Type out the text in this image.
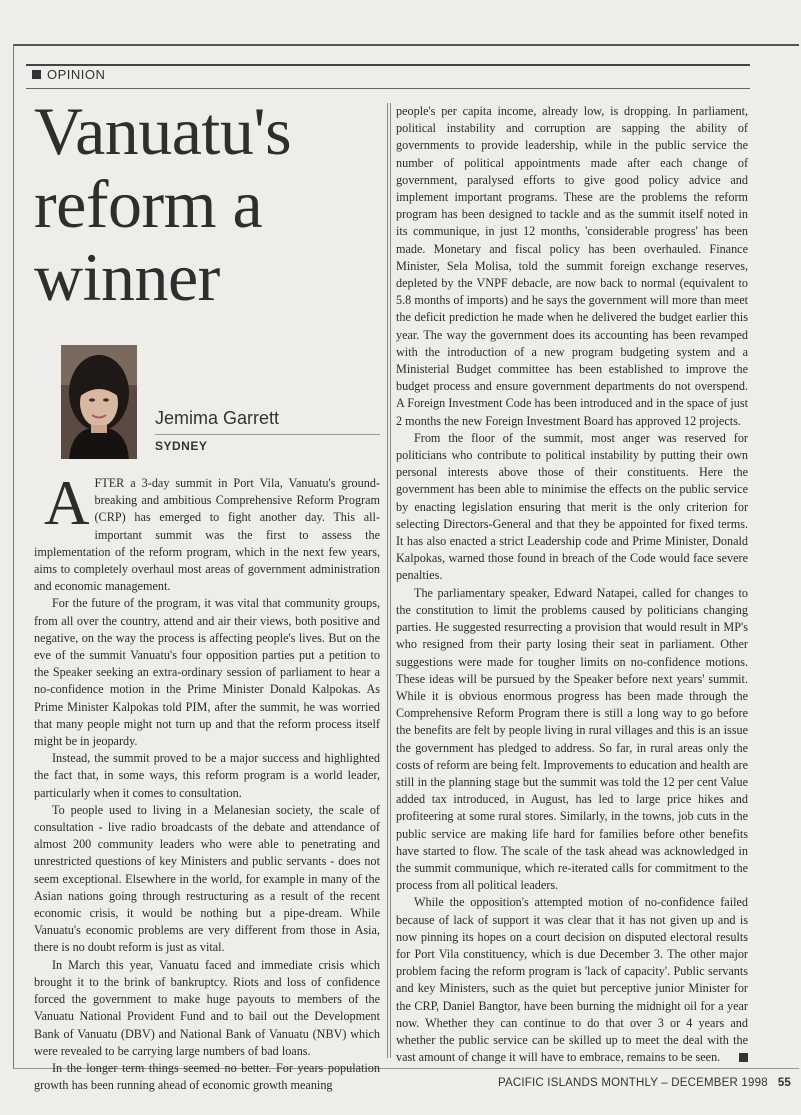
OPINION
Vanuatu's reform a winner
Jemima Garrett
SYDNEY

AFTER a 3-day summit in Port Vila, Vanuatu's ground-breaking and ambitious Comprehensive Reform Program (CRP) has emerged to fight another day. This all-important summit was the first to assess the implementation of the reform program, which in the next few years, aims to completely overhaul most areas of government administration and economic management.

For the future of the program, it was vital that community groups, from all over the country, attend and air their views, both positive and negative, on the way the process is affecting people's lives. But on the eve of the summit Vanuatu's four opposition parties put a petition to the Speaker seeking an extra-ordinary session of parliament to hear a no-confidence motion in the Prime Minister Donald Kalpokas. As Prime Minister Kalpokas told PIM, after the summit, he was worried that many people might not turn up and that the reform process itself might be in jeopardy.

Instead, the summit proved to be a major success and highlighted the fact that, in some ways, this reform program is a world leader, particularly when it comes to consultation.

To people used to living in a Melanesian society, the scale of consultation - live radio broadcasts of the debate and attendance of almost 200 community leaders who were able to penetrating and unrestricted questions of key Ministers and public servants - does not seem exceptional. Elsewhere in the world, for example in many of the Asian nations going through restructuring as a result of the recent economic crisis, it would be nothing but a pipe-dream. While Vanuatu's economic problems are very different from those in Asia, there is no doubt reform is just as vital.

In March this year, Vanuatu faced and immediate crisis which brought it to the brink of bankruptcy. Riots and loss of confidence forced the government to make huge payouts to members of the Vanuatu National Provident Fund and to bail out the Development Bank of Vanuatu (DBV) and National Bank of Vanuatu (NBV) which were revealed to be carrying large numbers of bad loans.

In the longer term things seemed no better. For years population growth has been running ahead of economic growth meaning

people's per capita income, already low, is dropping. In parliament, political instability and corruption are sapping the ability of governments to provide leadership, while in the public service the number of political appointments made after each change of government, paralysed efforts to give good policy advice and implement important programs. These are the problems the reform program has been designed to tackle and as the summit itself noted in its communique, in just 12 months, 'considerable progress' has been made. Monetary and fiscal policy has been overhauled. Finance Minister, Sela Molisa, told the summit foreign exchange reserves, depleted by the VNPF debacle, are now back to normal (equivalent to 5.8 months of imports) and he says the government will more than meet the deficit prediction he made when he delivered the budget earlier this year. The way the government does its accounting has been revamped with the introduction of a new program budgeting system and a Ministerial Budget committee has been established to improve the budget process and ensure government departments do not overspend. A Foreign Investment Code has been introduced and in the space of just 2 months the new Foreign Investment Board has approved 12 projects.

From the floor of the summit, most anger was reserved for politicians who contribute to political instability by putting their own personal interests above those of their constituents. Here the government has been able to minimise the effects on the public service by enacting legislation ensuring that merit is the only criterion for selecting Directors-General and that they be appointed for fixed terms. It has also enacted a strict Leadership code and Prime Minister, Donald Kalpokas, warned those found in breach of the Code would face severe penalties.

The parliamentary speaker, Edward Natapei, called for changes to the constitution to limit the problems caused by politicians changing parties. He suggested resurrecting a provision that would result in MP's who resigned from their party losing their seat in parliament. Other suggestions were made for tougher limits on no-confidence motions. These ideas will be pursued by the Speaker before next years' summit. While it is obvious enormous progress has been made through the Comprehensive Reform Program there is still a long way to go before the benefits are felt by people living in rural villages and this is an issue the government has pledged to address. So far, in rural areas only the costs of reform are being felt. Improvements to education and health are still in the planning stage but the summit was told the 12 per cent Value added tax introduced, in August, has led to large price hikes and profiteering at some rural stores. Similarly, in the towns, job cuts in the public service are making life hard for families before other benefits have started to flow. The scale of the task ahead was acknowledged in the summit communique, which re-iterated calls for commitment to the process from all political leaders.

While the opposition's attempted motion of no-confidence failed because of lack of support it was clear that it has not given up and is now pinning its hopes on a court decision on disputed electoral results for Port Vila constituency, which is due December 3. The other major problem facing the reform program is 'lack of capacity'. Public servants and key Ministers, such as the quiet but perceptive junior Minister for the CRP, Daniel Bangtor, have been burning the midnight oil for a year now. Whether they can continue to do that over 3 or 4 years and whether the public service can be skilled up to meet the deal with the vast amount of change it will have to embrace, remains to be seen.

PACIFIC ISLANDS MONTHLY – DECEMBER 1998 55
